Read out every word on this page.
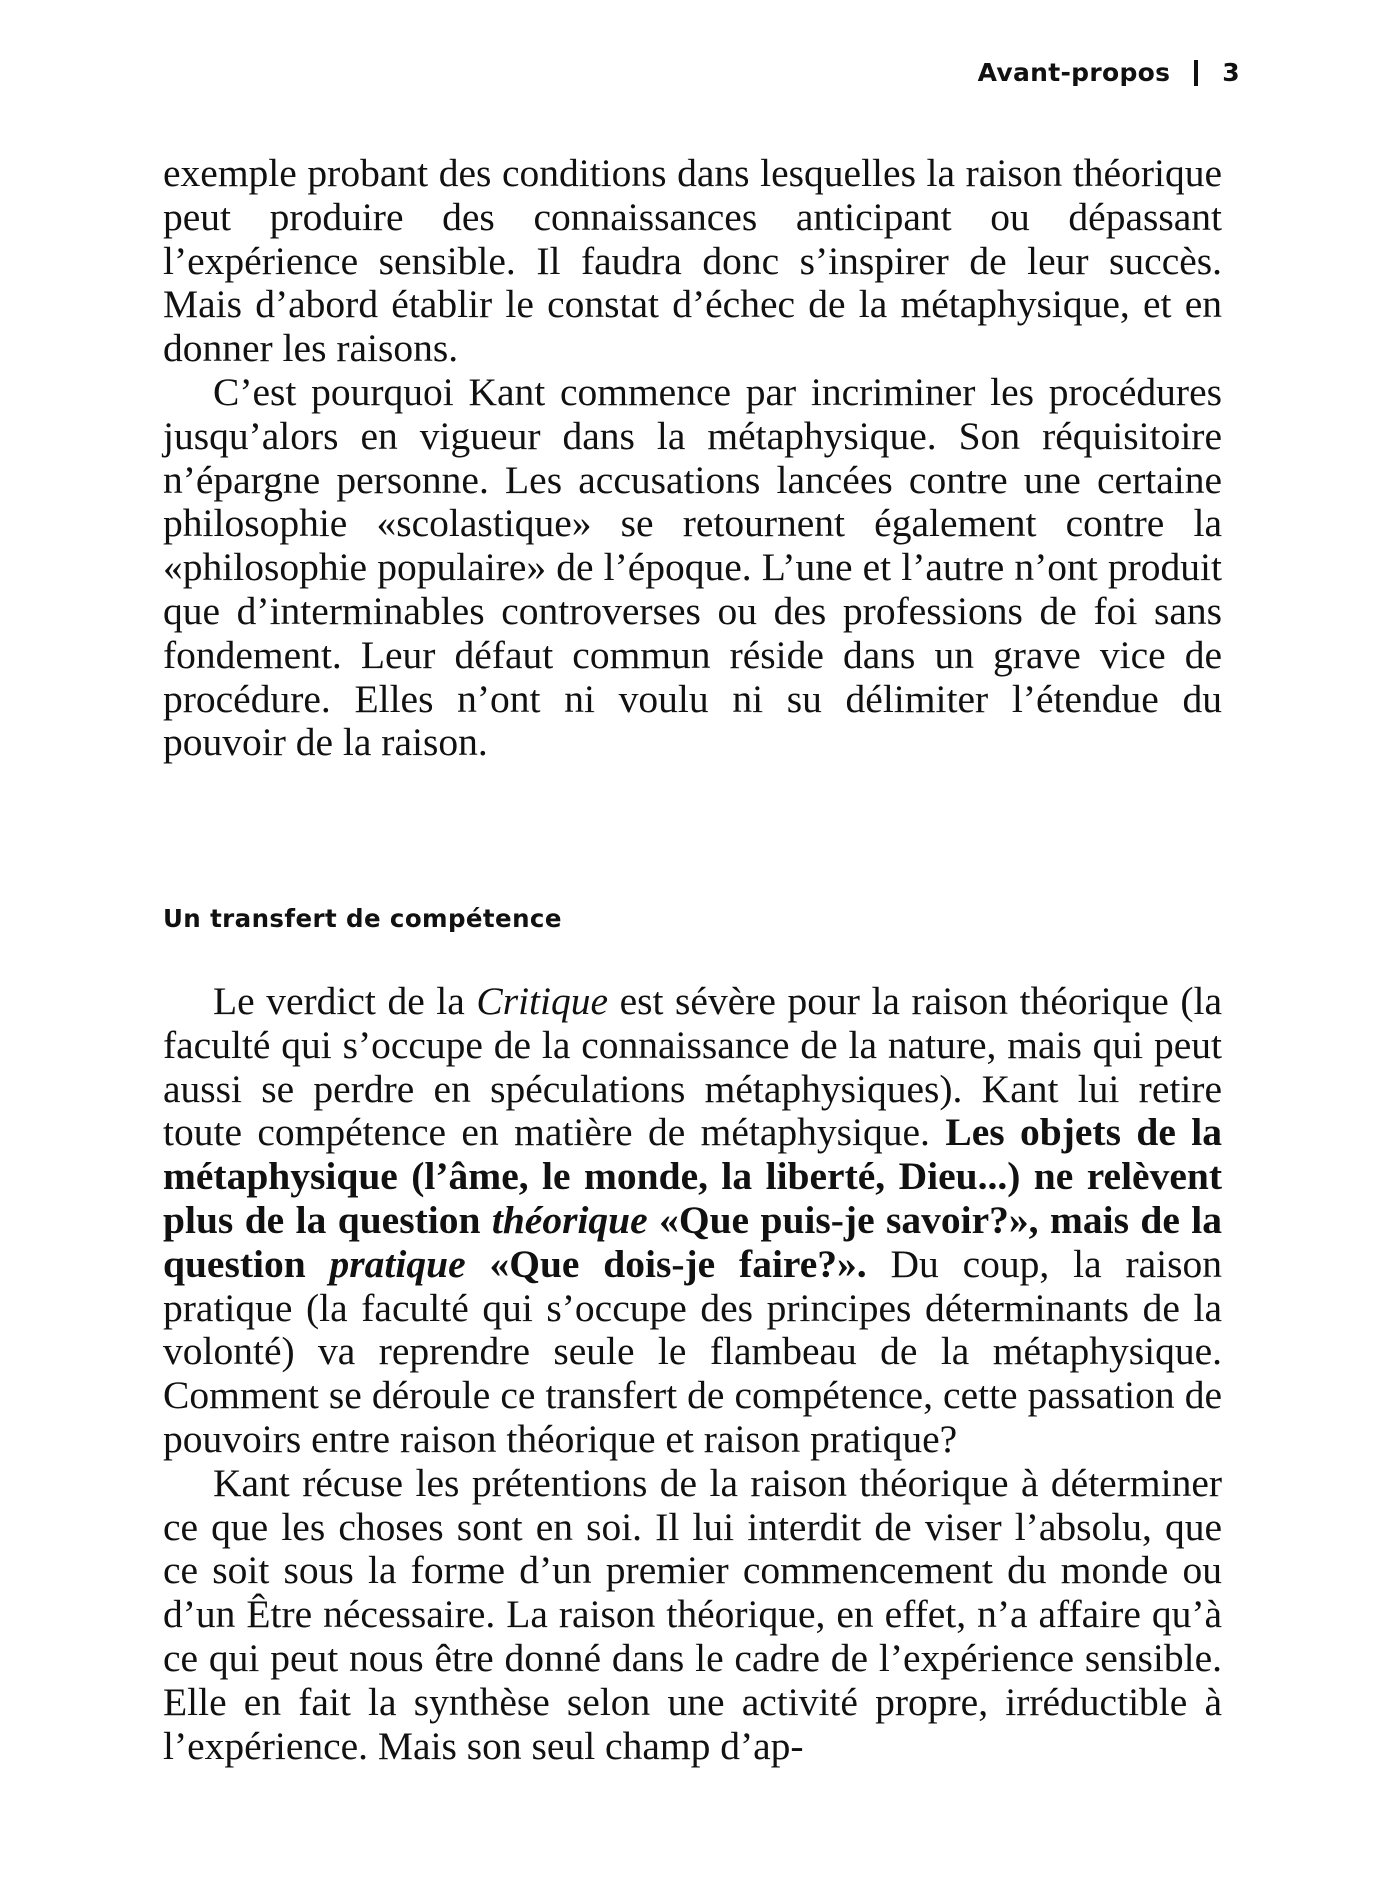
Avant-propos 3

exemple probant des conditions dans lesquelles la raison théorique peut produire des connaissances anticipant ou dépassant l’expérience sensible. Il faudra donc s’inspirer de leur succès. Mais d’abord établir le constat d’échec de la métaphysique, et en donner les raisons.

C’est pourquoi Kant commence par incriminer les procédures jusqu’alors en vigueur dans la métaphysique. Son réquisitoire n’épargne personne. Les accusations lancées contre une certaine philosophie «scolastique» se retournent également contre la «philosophie populaire» de l’époque. L’une et l’autre n’ont produit que d’interminables controverses ou des professions de foi sans fondement. Leur défaut commun réside dans un grave vice de procédure. Elles n’ont ni voulu ni su délimiter l’étendue du pouvoir de la raison.

Un transfert de compétence

Le verdict de la Critique est sévère pour la raison théorique (la faculté qui s’occupe de la connaissance de la nature, mais qui peut aussi se perdre en spéculations métaphysiques). Kant lui retire toute compétence en matière de métaphysique. Les objets de la métaphysique (l’âme, le monde, la liberté, Dieu...) ne relèvent plus de la question théorique «Que puis-je savoir?», mais de la question pratique «Que dois-je faire?». Du coup, la raison pratique (la faculté qui s’occupe des principes déterminants de la volonté) va reprendre seule le flambeau de la métaphysique. Comment se déroule ce transfert de compétence, cette passation de pouvoirs entre raison théorique et raison pratique?

Kant récuse les prétentions de la raison théorique à déterminer ce que les choses sont en soi. Il lui interdit de viser l’absolu, que ce soit sous la forme d’un premier commencement du monde ou d’un Être nécessaire. La raison théorique, en effet, n’a affaire qu’à ce qui peut nous être donné dans le cadre de l’expérience sensible. Elle en fait la synthèse selon une activité propre, irréductible à l’expérience. Mais son seul champ d’ap-
